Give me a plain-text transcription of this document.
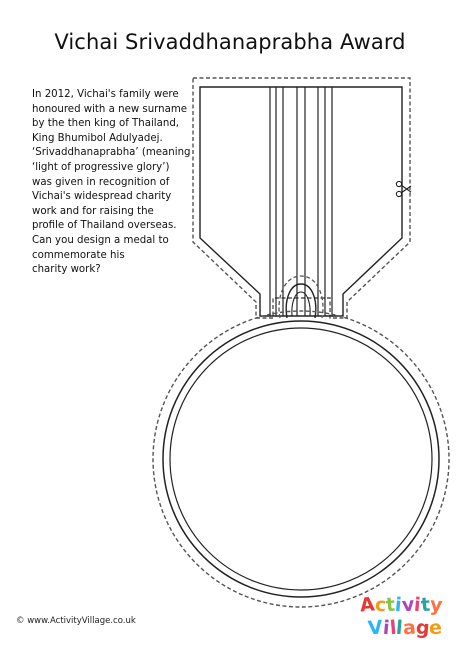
Vichai Srivaddhanaprabha Award
In 2012, Vichai's family were
honoured with a new surname
by the then king of Thailand,
King Bhumibol Adulyadej.
‘Srivaddhanaprabha’ (meaning
‘light of progressive glory’)
was given in recognition of
Vichai's widespread charity
work and for raising the
profile of Thailand overseas.
Can you design a medal to
commemorate his
charity work?
© www.ActivityVillage.co.uk
Activity
Village
